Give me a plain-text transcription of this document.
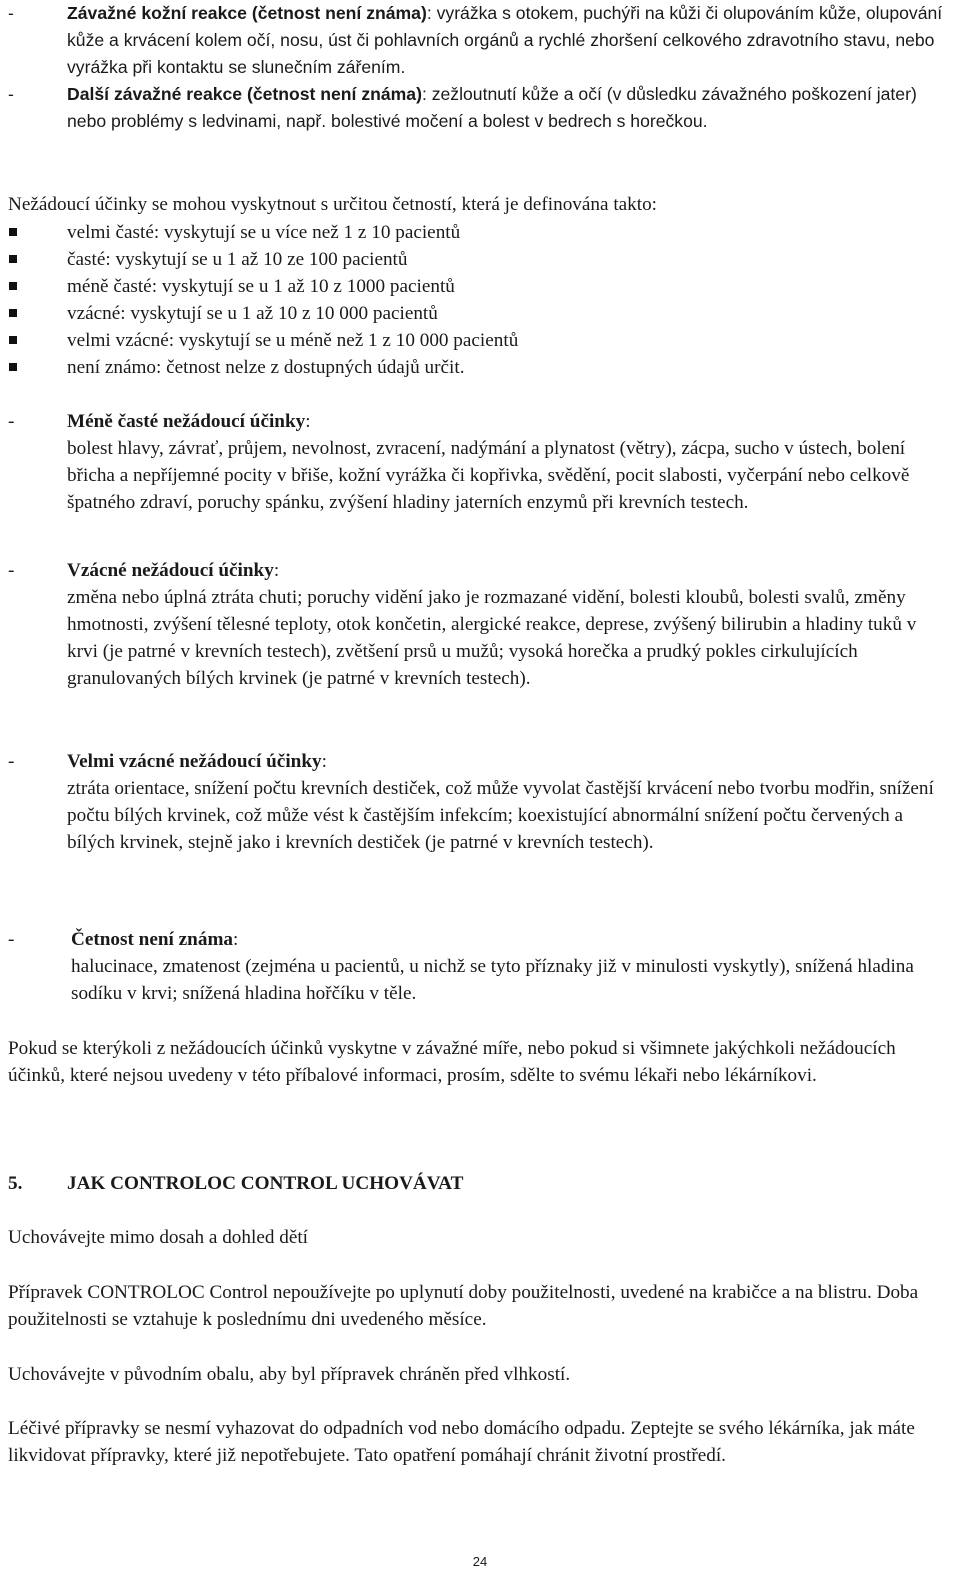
-	Závažné kožní reakce (četnost není známa): vyrážka s otokem, puchýři na kůži či olupováním kůže, olupování kůže a krvácení kolem očí, nosu, úst či pohlavních orgánů a rychlé zhoršení celkového zdravotního stavu, nebo vyrážka při kontaktu se slunečním zářením.
-	Další závažné reakce (četnost není známa): zežloutnutí kůže a očí (v důsledku závažného poškození jater) nebo problémy s ledvinami, např. bolestivé močení a bolest v bedrech s horečkou.
Nežádoucí účinky se mohou vyskytnout s určitou četností, která je definována takto:
velmi časté: vyskytují se u více než 1 z 10 pacientů
časté: vyskytují se u 1 až 10 ze 100 pacientů
méně časté: vyskytují se u 1 až 10 z 1000 pacientů
vzácné: vyskytují se u 1 až 10 z 10 000 pacientů
velmi vzácné: vyskytují se u méně než 1 z 10 000 pacientů
není známo: četnost nelze z dostupných údajů určit.
-	Méně časté nežádoucí účinky:
bolest hlavy, závrať, průjem, nevolnost, zvracení, nadýmání a plynatost (větry), zácpa, sucho v ústech, bolení břicha a nepříjemné pocity v břiše, kožní vyrážka či kopřivka, svědění, pocit slabosti, vyčerpání nebo celkově špatného zdraví, poruchy spánku, zvýšení hladiny jaterních enzymů při krevních testech.
-	Vzácné nežádoucí účinky:
změna nebo úplná ztráta chuti; poruchy vidění jako je rozmazané vidění, bolesti kloubů, bolesti svalů, změny hmotnosti, zvýšení tělesné teploty, otok končetin, alergické reakce, deprese, zvýšený bilirubin a hladiny tuků v krvi (je patrné v krevních testech), zvětšení prsů u mužů; vysoká horečka a prudký pokles cirkulujících granulovaných bílých krvinek (je patrné v krevních testech).
-	Velmi vzácné nežádoucí účinky:
ztráta orientace, snížení počtu krevních destiček, což může vyvolat častější krvácení nebo tvorbu modřin, snížení počtu bílých krvinek, což může vést k častějším infekcím; koexistující abnormální snížení počtu červených a bílých krvinek, stejně jako i krevních destiček (je patrné v krevních testech).
-	Četnost není známa:
halucinace, zmatenost (zejména u pacientů, u nichž se tyto příznaky již v minulosti vyskytly), snížená hladina sodíku v krvi; snížená hladina hořčíku v těle.
Pokud se kterýkoli z nežádoucích účinků vyskytne v závažné míře, nebo pokud si všimnete jakýchkoli nežádoucích účinků, které nejsou uvedeny v této příbalové informaci, prosím, sdělte to svému lékaři nebo lékárníkovi.
5. JAK CONTROLOC CONTROL UCHOVÁVAT
Uchovávejte mimo dosah a dohled dětí
Přípravek CONTROLOC Control nepoužívejte po uplynutí doby použitelnosti, uvedené na krabičce a na blistru. Doba použitelnosti se vztahuje k poslednímu dni uvedeného měsíce.
Uchovávejte v původním obalu, aby byl přípravek chráněn před vlhkostí.
Léčivé přípravky se nesmí vyhazovat do odpadních vod nebo domácího odpadu. Zeptejte se svého lékárníka, jak máte likvidovat přípravky, které již nepotřebujete. Tato opatření pomáhají chránit životní prostředí.
24
